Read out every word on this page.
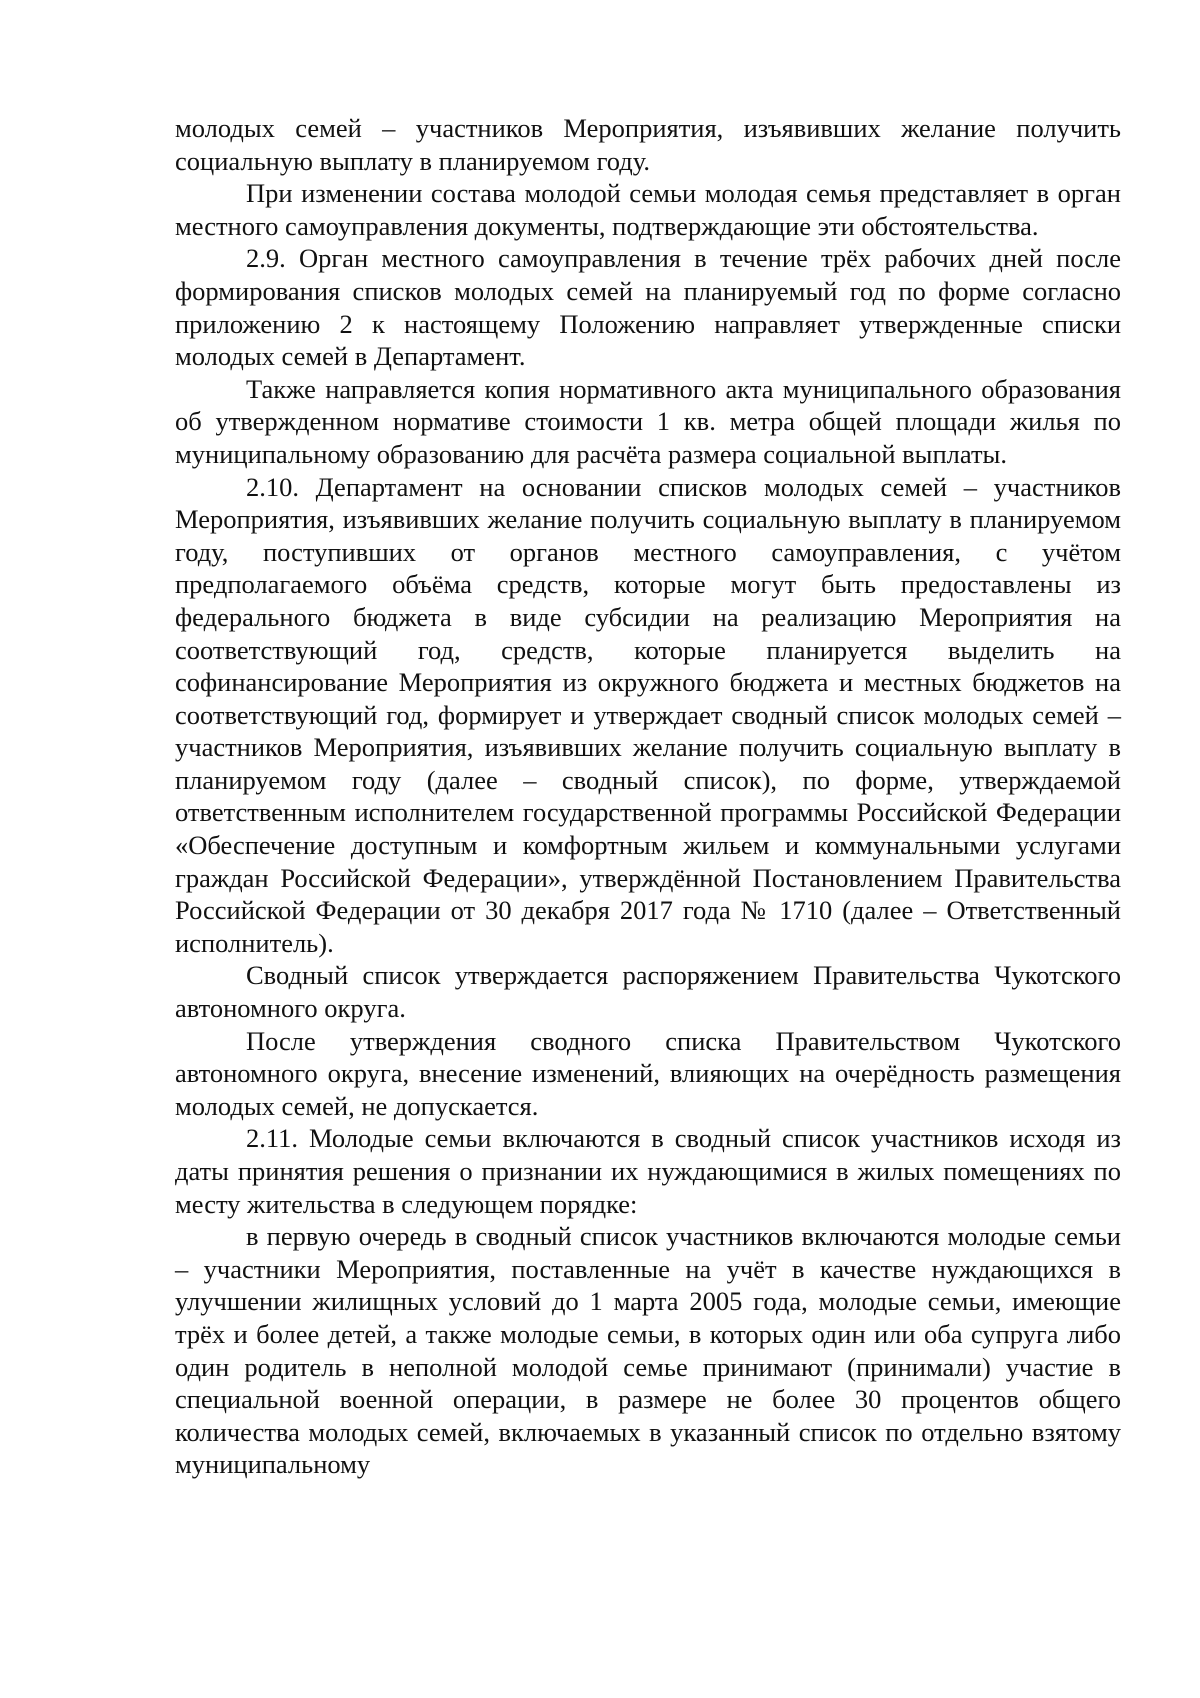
молодых семей – участников Мероприятия, изъявивших желание получить социальную выплату в планируемом году.

При изменении состава молодой семьи молодая семья представляет в орган местного самоуправления документы, подтверждающие эти обстоятельства.

2.9. Орган местного самоуправления в течение трёх рабочих дней после формирования списков молодых семей на планируемый год по форме согласно приложению 2 к настоящему Положению направляет утвержденные списки молодых семей в Департамент.

Также направляется копия нормативного акта муниципального образования об утвержденном нормативе стоимости 1 кв. метра общей площади жилья по муниципальному образованию для расчёта размера социальной выплаты.

2.10. Департамент на основании списков молодых семей – участников Мероприятия, изъявивших желание получить социальную выплату в планируемом году, поступивших от органов местного самоуправления, с учётом предполагаемого объёма средств, которые могут быть предоставлены из федерального бюджета в виде субсидии на реализацию Мероприятия на соответствующий год, средств, которые планируется выделить на софинансирование Мероприятия из окружного бюджета и местных бюджетов на соответствующий год, формирует и утверждает сводный список молодых семей – участников Мероприятия, изъявивших желание получить социальную выплату в планируемом году (далее – сводный список), по форме, утверждаемой ответственным исполнителем государственной программы Российской Федерации «Обеспечение доступным и комфортным жильем и коммунальными услугами граждан Российской Федерации», утверждённой Постановлением Правительства Российской Федерации от 30 декабря 2017 года № 1710 (далее – Ответственный исполнитель).

Сводный список утверждается распоряжением Правительства Чукотского автономного округа.

После утверждения сводного списка Правительством Чукотского автономного округа, внесение изменений, влияющих на очерёдность размещения молодых семей, не допускается.

2.11. Молодые семьи включаются в сводный список участников исходя из даты принятия решения о признании их нуждающимися в жилых помещениях по месту жительства в следующем порядке:

в первую очередь в сводный список участников включаются молодые семьи – участники Мероприятия, поставленные на учёт в качестве нуждающихся в улучшении жилищных условий до 1 марта 2005 года, молодые семьи, имеющие трёх и более детей, а также молодые семьи, в которых один или оба супруга либо один родитель в неполной молодой семье принимают (принимали) участие в специальной военной операции, в размере не более 30 процентов общего количества молодых семей, включаемых в указанный список по отдельно взятому муниципальному
